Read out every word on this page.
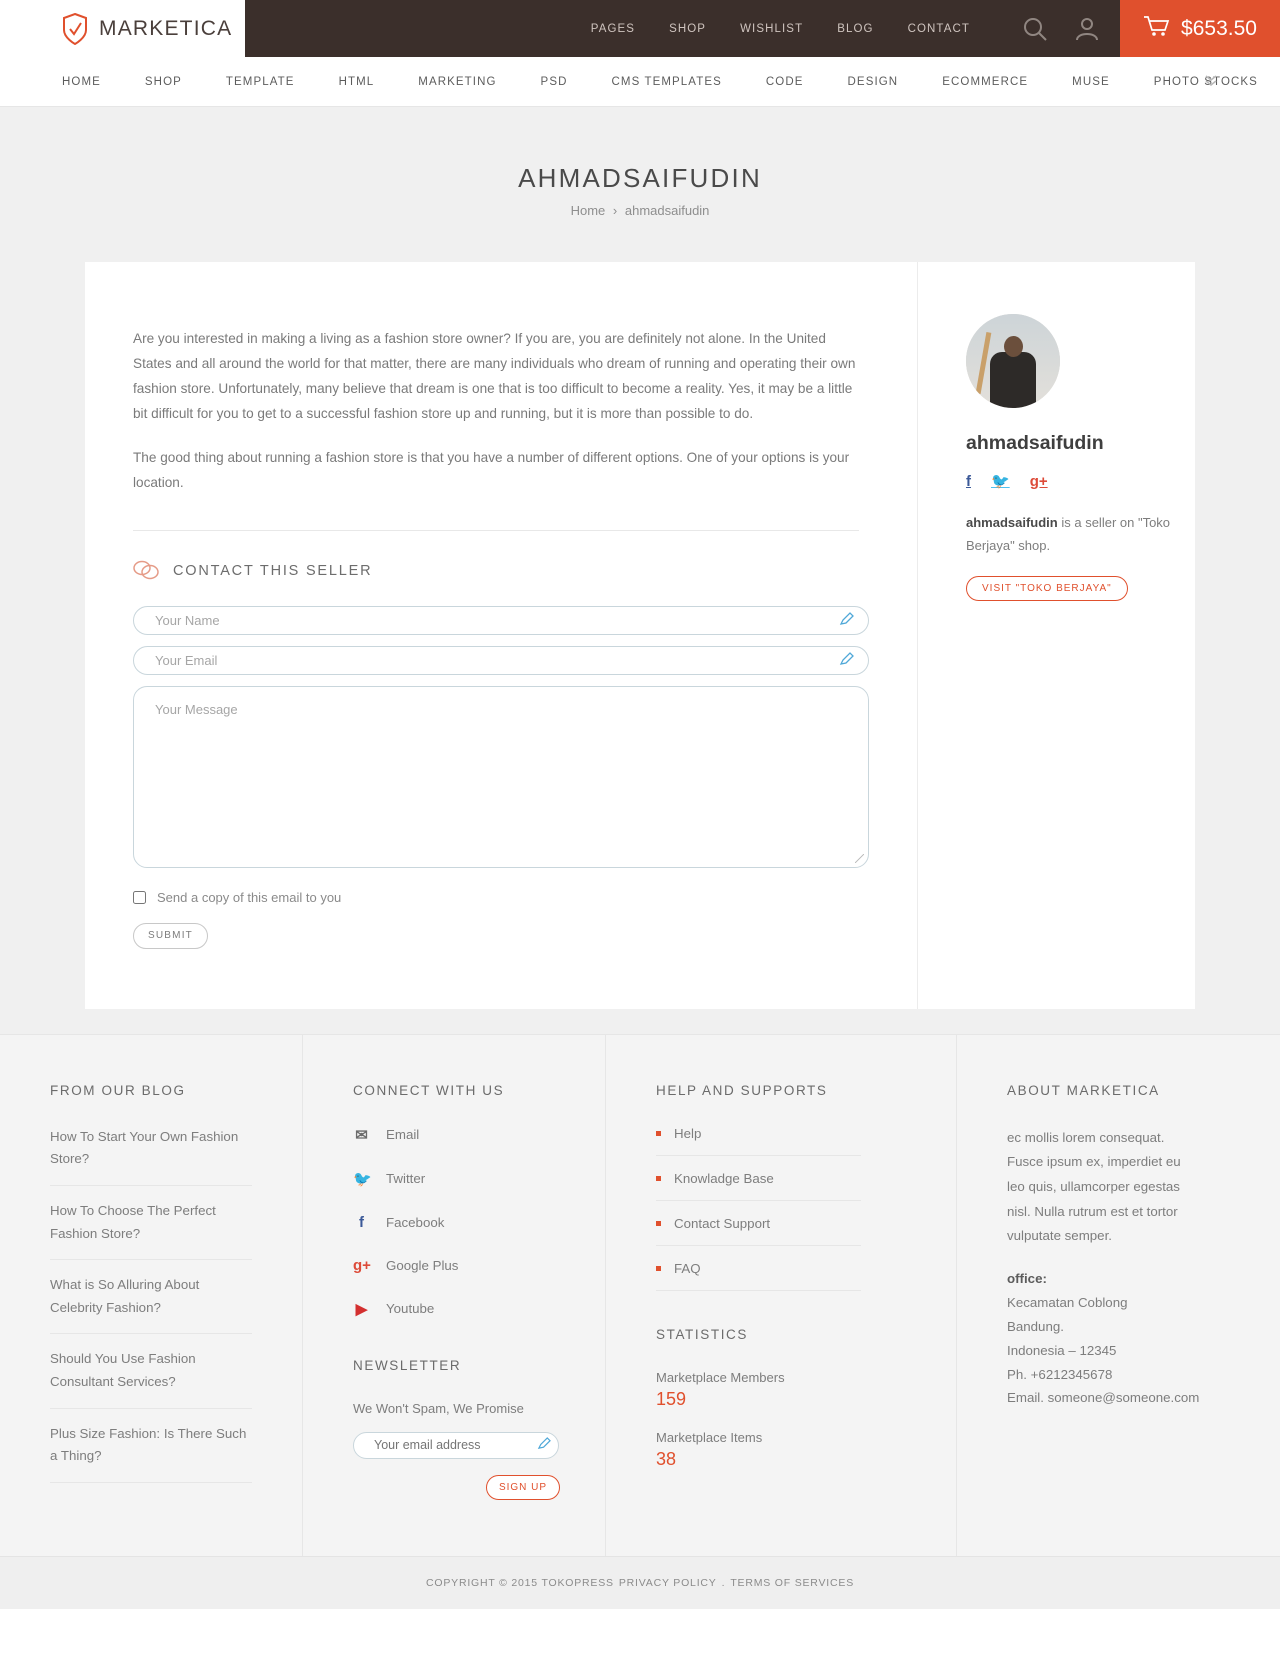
MARKETICA	PAGES	SHOP	WISHLIST	BLOG	CONTACT	$653.50
HOME	SHOP	TEMPLATE	HTML	MARKETING	PSD	CMS TEMPLATES	CODE	DESIGN	ECOMMERCE	MUSE	PHOTO STOCKS
AHMADSAIFUDIN
Home › ahmadsaifudin

Are you interested in making a living as a fashion store owner? If you are, you are definitely not alone. In the United States and all around the world for that matter, there are many individuals who dream of running and operating their own fashion store. Unfortunately, many believe that dream is one that is too difficult to become a reality. Yes, it may be a little bit difficult for you to get to a successful fashion store up and running, but it is more than possible to do.

The good thing about running a fashion store is that you have a number of different options. One of your options is your location.

CONTACT THIS SELLER
Your Name
Your Email
Your Message
Send a copy of this email to you
SUBMIT
ahmadsaifudin
f 🐦 g+
ahmadsaifudin is a seller on "Toko Berjaya" shop.
VISIT "TOKO BERJAYA"
FROM OUR BLOG
How To Start Your Own Fashion Store?
How To Choose The Perfect Fashion Store?
What is So Alluring About Celebrity Fashion?
Should You Use Fashion Consultant Services?
Plus Size Fashion: Is There Such a Thing?
CONNECT WITH US
✉ Email
🐦 Twitter
f	Facebook
g+ Google Plus
▶ Youtube
NEWSLETTER

We Won't Spam, We Promise

Your email address
SIGN UP
HELP AND SUPPORTS
Help
Knowladge Base
Contact Support
FAQ
STATISTICS
Marketplace Members
159
Marketplace Items
38
ABOUT MARKETICA

ec mollis lorem consequat. Fusce ipsum ex, imperdiet eu leo quis, ullamcorper egestas nisl. Nulla rutrum est et tortor vulputate semper.

office:
Kecamatan Coblong
Bandung.
Indonesia – 12345
Ph. +6212345678
Email. someone@someone.com
COPYRIGHT © 2015 TOKOPRESS PRIVACY POLICY . TERMS OF SERVICES
